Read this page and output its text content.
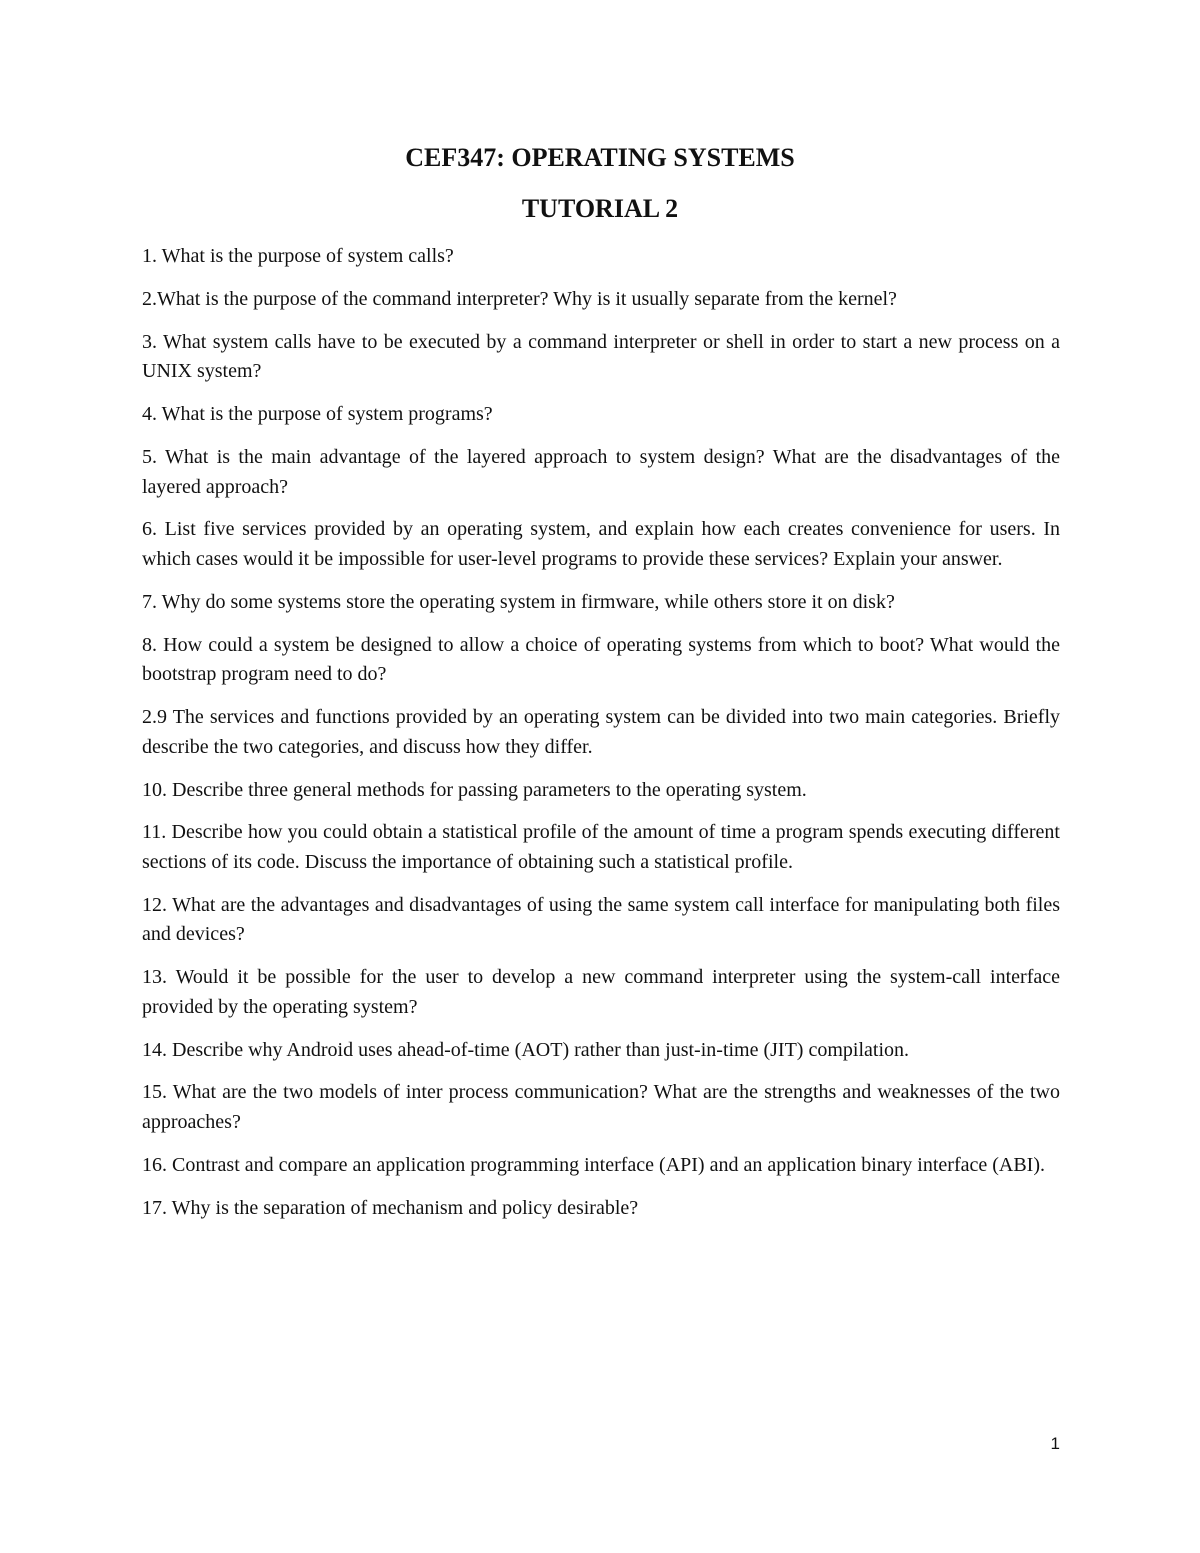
CEF347: OPERATING SYSTEMS
TUTORIAL 2

1. What is the purpose of system calls?

2.What is the purpose of the command interpreter? Why is it usually separate from the kernel?

3. What system calls have to be executed by a command interpreter or shell in order to start a new process on a UNIX system?

4. What is the purpose of system programs?

5. What is the main advantage of the layered approach to system design? What are the disadvantages of the layered approach?

6. List five services provided by an operating system, and explain how each creates convenience for users. In which cases would it be impossible for user-level programs to provide these services? Explain your answer.

7. Why do some systems store the operating system in firmware, while others store it on disk?

8. How could a system be designed to allow a choice of operating systems from which to boot? What would the bootstrap program need to do?

2.9 The services and functions provided by an operating system can be divided into two main categories. Briefly describe the two categories, and discuss how they differ.

10. Describe three general methods for passing parameters to the operating system.

11. Describe how you could obtain a statistical profile of the amount of time a program spends executing different sections of its code. Discuss the importance of obtaining such a statistical profile.

12. What are the advantages and disadvantages of using the same system call interface for manipulating both files and devices?

13. Would it be possible for the user to develop a new command interpreter using the system-call interface provided by the operating system?

14. Describe why Android uses ahead-of-time (AOT) rather than just-in-time (JIT) compilation.

15. What are the two models of inter process communication? What are the strengths and weaknesses of the two approaches?

16. Contrast and compare an application programming interface (API) and an application binary interface (ABI).

17. Why is the separation of mechanism and policy desirable?

1
